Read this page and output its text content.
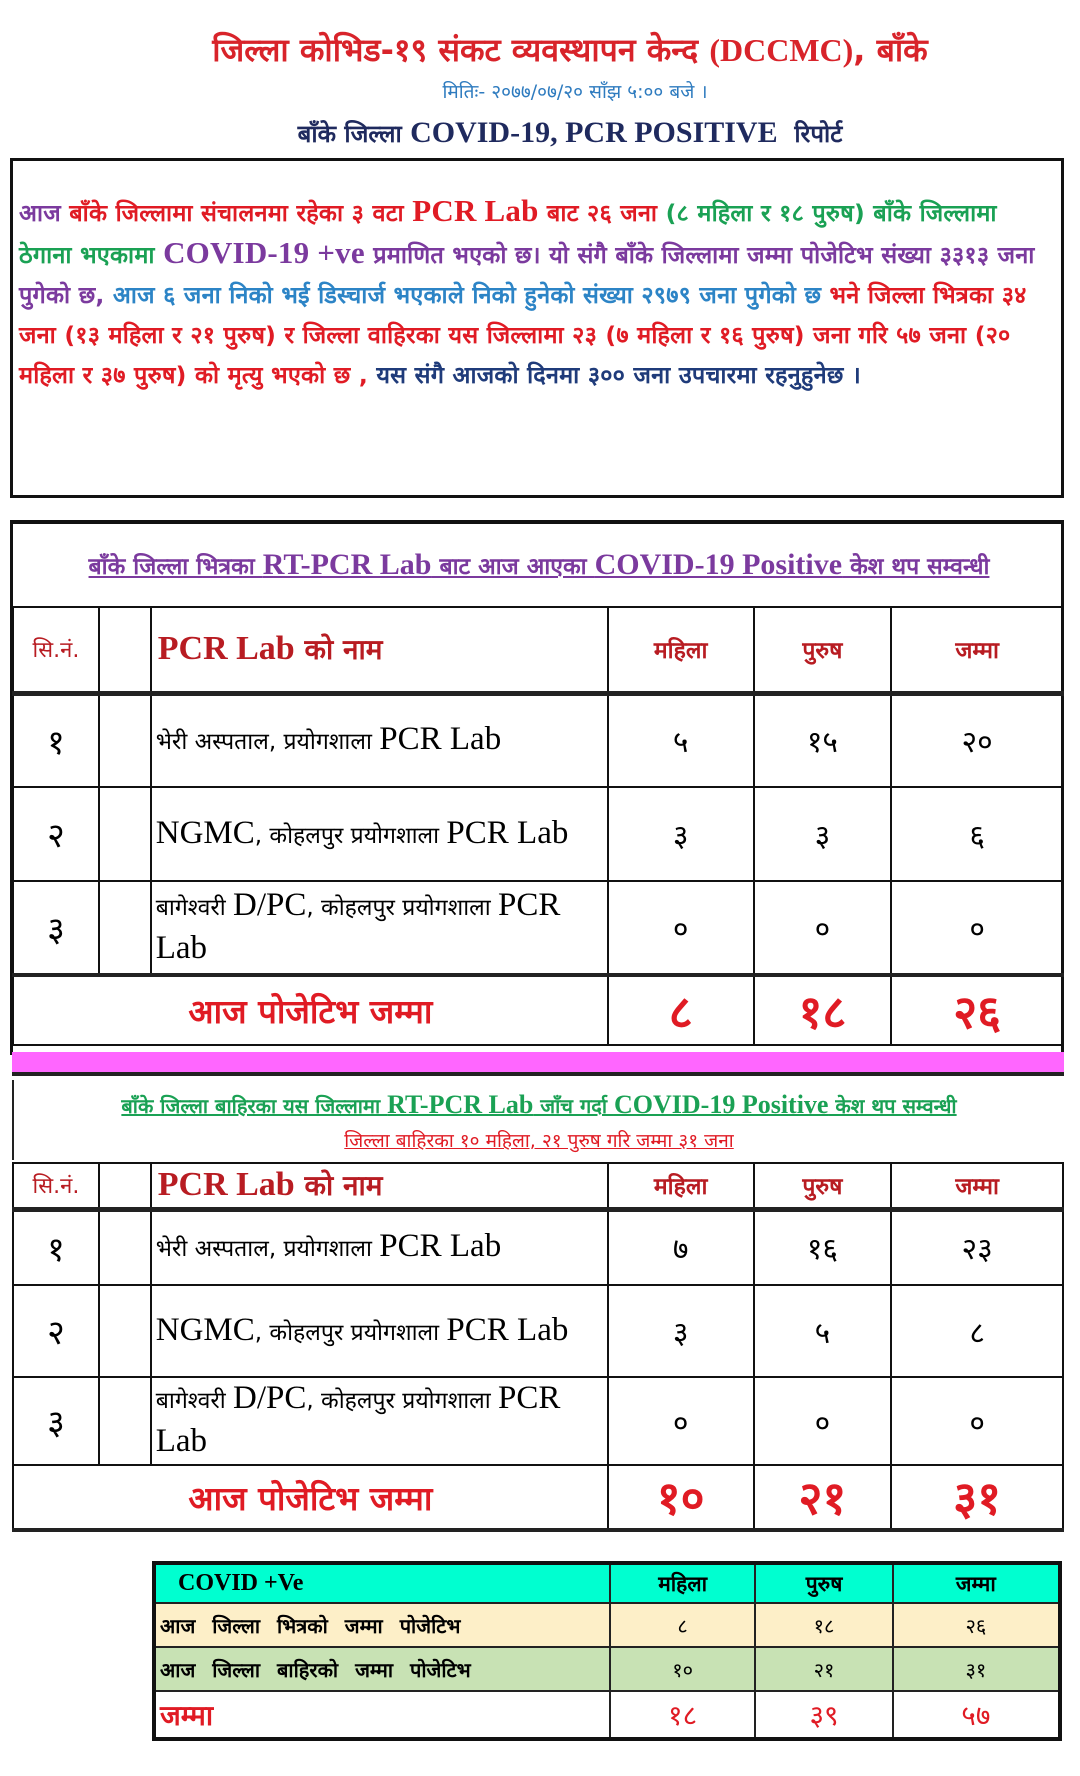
जिल्ला कोभिड-१९ संकट व्यवस्थापन केन्द (DCCMC), बाँके
मितिः- २०७७/०७/२० साँझ ५:०० बजे ।
बाँके जिल्ला COVID-19, PCR POSITIVE रिपोर्ट

आज बाँके जिल्लामा संचालनमा रहेका ३ वटा PCR Lab बाट २६ जना (८ महिला र १८ पुरुष) बाँके जिल्लामा ठेगाना भएकामा COVID-19 +ve प्रमाणित भएको छ। यो संगै बाँके जिल्लामा जम्मा पोजेटिभ संख्या ३३१३ जना पुगेको छ, आज ६ जना निको भई डिस्चार्ज भएकाले निको हुनेको संख्या २९७९ जना पुगेको छ भने जिल्ला भित्रका ३४ जना (१३ महिला र २१ पुरुष) र जिल्ला वाहिरका यस जिल्लामा २३ (७ महिला र १६ पुरुष) जना गरि ५७ जना (२० महिला र ३७ पुरुष) को मृत्यु भएको छ , यस संगै आजको दिनमा ३०० जना उपचारमा रहनुहुनेछ ।

बाँके जिल्ला भित्रका RT-PCR Lab बाट आज आएका COVID-19 Positive केश थप सम्वन्धी
सि.नं.		PCR Lab को नाम	महिला	पुरुष	जम्मा
१		भेरी अस्पताल, प्रयोगशाला PCR Lab	५	१५	२०
२		NGMC, कोहलपुर प्रयोगशाला PCR Lab	३	३	६
३		बागेश्वरी D/PC, कोहलपुर प्रयोगशाला PCR Lab	०	०	०
आज पोजेटिभ जम्मा			८	१८	२६
बाँके जिल्ला बाहिरका यस जिल्लामा RT-PCR Lab जाँच गर्दा COVID-19 Positive केश थप सम्वन्धी
जिल्ला बाहिरका १० महिला, २१ पुरुष गरि जम्मा ३१ जना
सि.नं.		PCR Lab को नाम	महिला	पुरुष	जम्मा
१		भेरी अस्पताल, प्रयोगशाला PCR Lab	७	१६	२३
२		NGMC, कोहलपुर प्रयोगशाला PCR Lab	३	५	८
३		बागेश्वरी D/PC, कोहलपुर प्रयोगशाला PCR Lab	०	०	०
आज पोजेटिभ जम्मा			१०	२१	३१
COVID +Ve	महिला	पुरुष	जम्मा
आज जिल्ला भित्रको जम्मा पोजेटिभ	८	१८	२६
आज जिल्ला बाहिरको जम्मा पोजेटिभ	१०	२१	३१
जम्मा	१८	३९	५७
